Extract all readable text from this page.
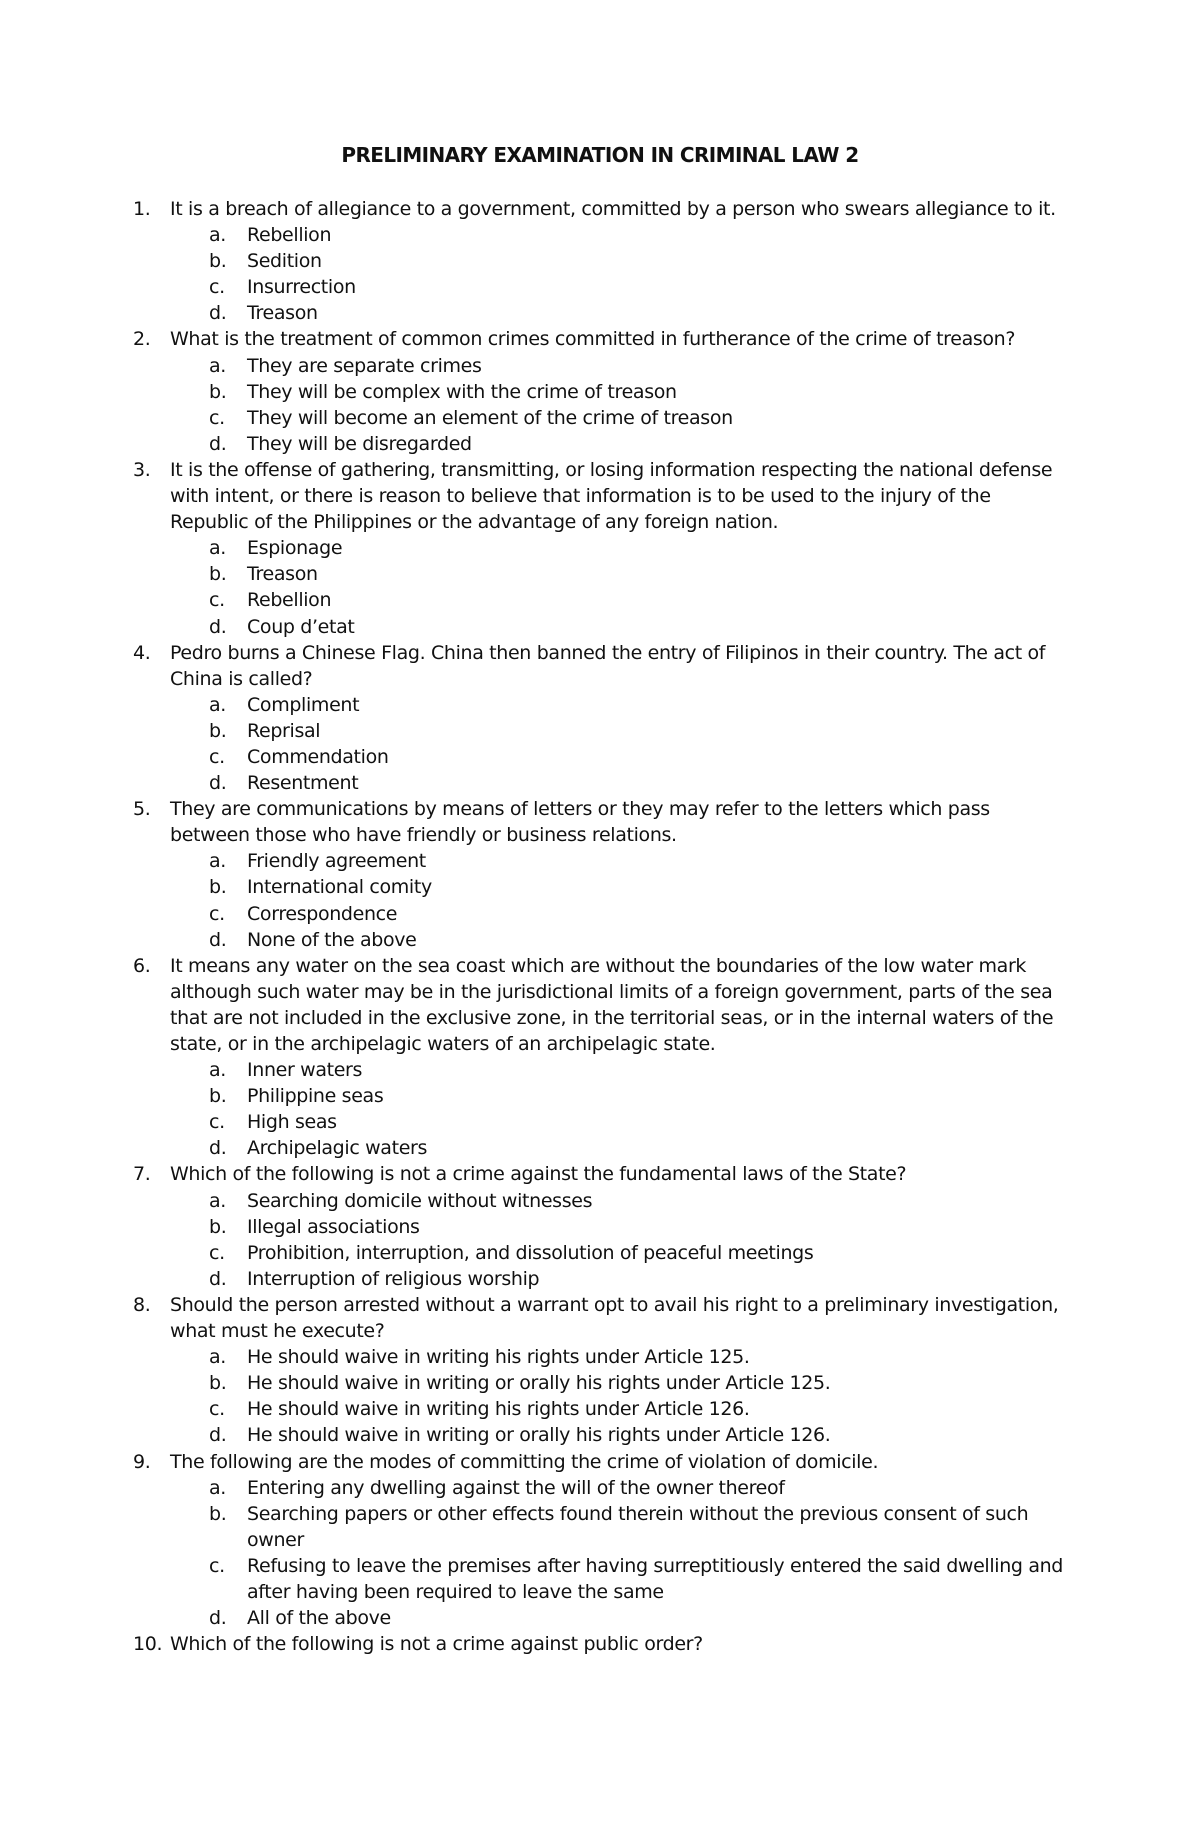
PRELIMINARY EXAMINATION IN CRIMINAL LAW 2
1.	It is a breach of allegiance to a government, committed by a person who swears allegiance to it.
a. Rebellion
b. Sedition
c. Insurrection
d. Treason
2.	What is the treatment of common crimes committed in furtherance of the crime of treason?
a. They are separate crimes
b. They will be complex with the crime of treason
c. They will become an element of the crime of treason
d. They will be disregarded
3.	It is the offense of gathering, transmitting, or losing information respecting the national defense with intent, or there is reason to believe that information is to be used to the injury of the Republic of the Philippines or the advantage of any foreign nation.
a. Espionage
b. Treason
c. Rebellion
d. Coup d’etat
4.	Pedro burns a Chinese Flag. China then banned the entry of Filipinos in their country. The act of China is called?
a. Compliment
b. Reprisal
c. Commendation
d. Resentment
5.	They are communications by means of letters or they may refer to the letters which pass between those who have friendly or business relations.
a. Friendly agreement
b. International comity
c. Correspondence
d. None of the above
6.	It means any water on the sea coast which are without the boundaries of the low water mark although such water may be in the jurisdictional limits of a foreign government, parts of the sea that are not included in the exclusive zone, in the territorial seas, or in the internal waters of the state, or in the archipelagic waters of an archipelagic state.
a. Inner waters
b. Philippine seas
c. High seas
d. Archipelagic waters
7.	Which of the following is not a crime against the fundamental laws of the State?
a. Searching domicile without witnesses
b. Illegal associations
c. Prohibition, interruption, and dissolution of peaceful meetings
d. Interruption of religious worship
8.	Should the person arrested without a warrant opt to avail his right to a preliminary investigation, what must he execute?
a. He should waive in writing his rights under Article 125.
b. He should waive in writing or orally his rights under Article 125.
c. He should waive in writing his rights under Article 126.
d. He should waive in writing or orally his rights under Article 126.
9.	The following are the modes of committing the crime of violation of domicile.
a. Entering any dwelling against the will of the owner thereof
b. Searching papers or other effects found therein without the previous consent of such owner
c. Refusing to leave the premises after having surreptitiously entered the said dwelling and after having been required to leave the same
d. All of the above
10. Which of the following is not a crime against public order?
